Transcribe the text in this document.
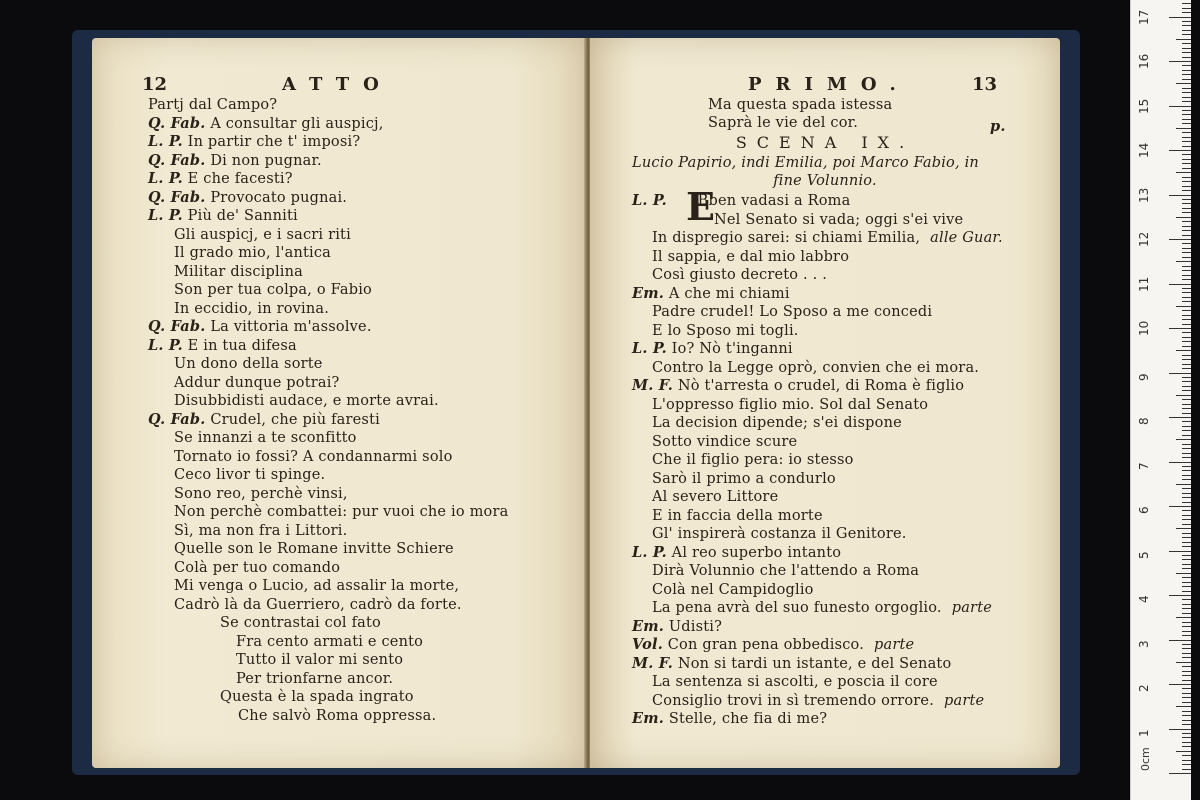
12	ATTO
Partj dal Campo?
Q. Fab. A consultar gli auspicj,
L. P. In partir che t' imposi?
Q. Fab. Di non pugnar.
L. P. E che facesti?
Q. Fab. Provocato pugnai.
L. P. Più de' Sanniti
Gli auspicj, e i sacri riti
Il grado mio, l'antica
Militar disciplina
Son per tua colpa, o Fabio
In eccidio, in rovina.
Q. Fab. La vittoria m'assolve.
L. P. E in tua difesa
Un dono della sorte
Addur dunque potrai?
Disubbidisti audace, e morte avrai.
Q. Fab. Crudel, che più faresti
Se innanzi a te sconfitto
Tornato io fossi? A condannarmi solo
Ceco livor ti spinge.
Sono reo, perchè vinsi,
Non perchè combattei: pur vuoi che io mora
Sì, ma non fra i Littori.
Quelle son le Romane invitte Schiere
Colà per tuo comando
Mi venga o Lucio, ad assalir la morte,
Cadrò là da Guerriero, cadrò da forte.
Se contrastai col fato
Fra cento armati e cento
Tutto il valor mi sento
Per trionfarne ancor.
Questa è la spada ingrato
Che salvò Roma oppressa.
PRIMO.	13
Ma questa spada istessa
Saprà le vie del cor.	p.
SCENA IX.
Lucio Papirio, indi Emilia, poi Marco Fabio, in
fine Volunnio.
E
L. P. Bben vadasi a Roma
Nel Senato si vada; oggi s'ei vive
In dispregio sarei: si chiami Emilia, alle Guar.
Il sappia, e dal mio labbro
Così giusto decreto . . .
Em. A che mi chiami
Padre crudel! Lo Sposo a me concedi
E lo Sposo mi togli.
L. P. Io? Nò t'inganni
Contro la Legge oprò, convien che ei mora.
M. F. Nò t'arresta o crudel, di Roma è figlio
L'oppresso figlio mio. Sol dal Senato
La decision dipende; s'ei dispone
Sotto vindice scure
Che il figlio pera: io stesso
Sarò il primo a condurlo
Al severo Littore
E in faccia della morte
Gl' inspirerà costanza il Genitore.
L. P. Al reo superbo intanto
Dirà Volunnio che l'attendo a Roma
Colà nel Campidoglio
La pena avrà del suo funesto orgoglio. parte
Em. Udisti?
Vol. Con gran pena obbedisco. parte
M. F. Non si tardi un istante, e del Senato
La sentenza si ascolti, e poscia il core
Consiglio trovi in sì tremendo orrore. parte
Em. Stelle, che fia di me?
0cm
17
16
15
14
13
12
11
10
9
8
7
6
5
4
3
2
1
